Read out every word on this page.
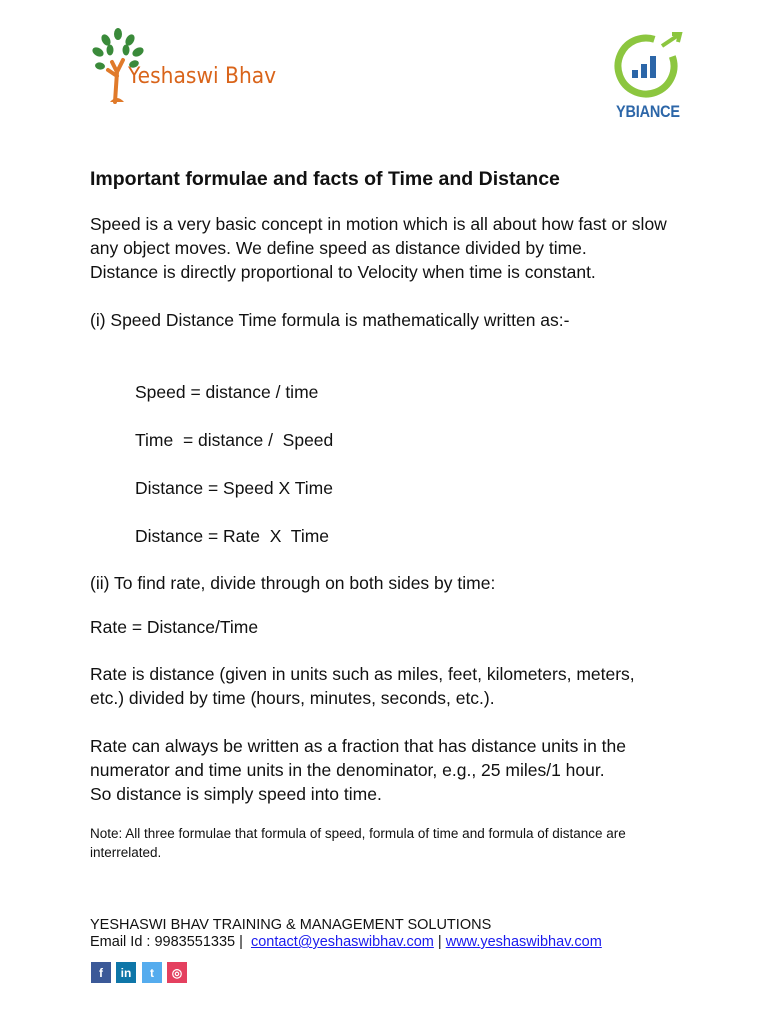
Yeshaswi Bhav
YBIANCE
Important formulae and facts of Time and Distance
Speed is a very basic concept in motion which is all about how fast or slow
any object moves. We define speed as distance divided by time.
Distance is directly proportional to Velocity when time is constant.
(i) Speed Distance Time formula is mathematically written as:-
Speed = distance / time
Time  = distance /  Speed
Distance = Speed X Time
Distance = Rate  X  Time
(ii) To find rate, divide through on both sides by time:
Rate = Distance/Time
Rate is distance (given in units such as miles, feet, kilometers, meters,
etc.) divided by time (hours, minutes, seconds, etc.).
Rate can always be written as a fraction that has distance units in the
numerator and time units in the denominator, e.g., 25 miles/1 hour.
So distance is simply speed into time.
Note: All three formulae that formula of speed, formula of time and formula of distance are interrelated.
YESHASWI BHAV TRAINING & MANAGEMENT SOLUTIONS
Email Id : 9983551335 | contact@yeshaswibhav.com | www.yeshaswibhav.com
f in t ◎
